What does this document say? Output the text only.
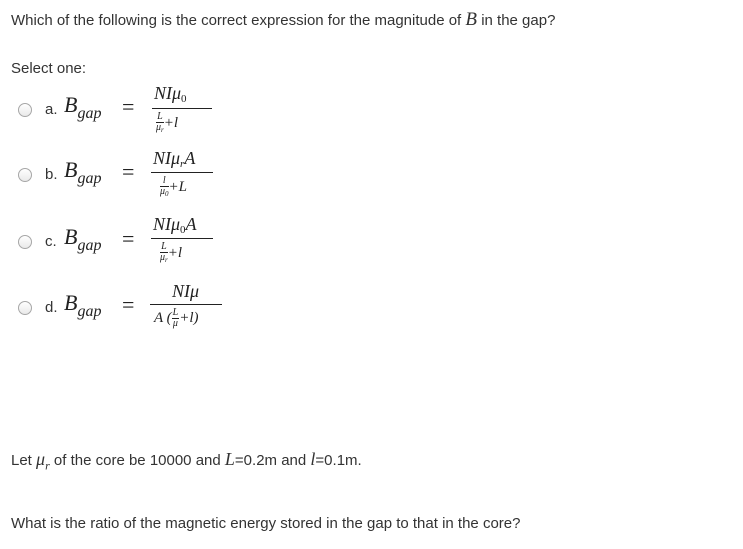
Which of the following is the correct expression for the magnitude of B in the gap?
Select one:
a. $B_{gap}$ =
NIμ$_0$
$\frac{L}{\mu_r} +l$
b. $B_{gap}$ =
NIμ$_r$A
$\frac{l}{\mu_0} +L$
c. $B_{gap}$ =
NIμ$_0$A
$\frac{L}{\mu_r} +l$
d. $B_{gap}$ =
NIμ
A ( $\frac{L}{\mu} +l$)
Let $\mu_r$ of the core be 10000 and L=0.2m and l=0.1m.
What is the ratio of the magnetic energy stored in the gap to that in the core?
